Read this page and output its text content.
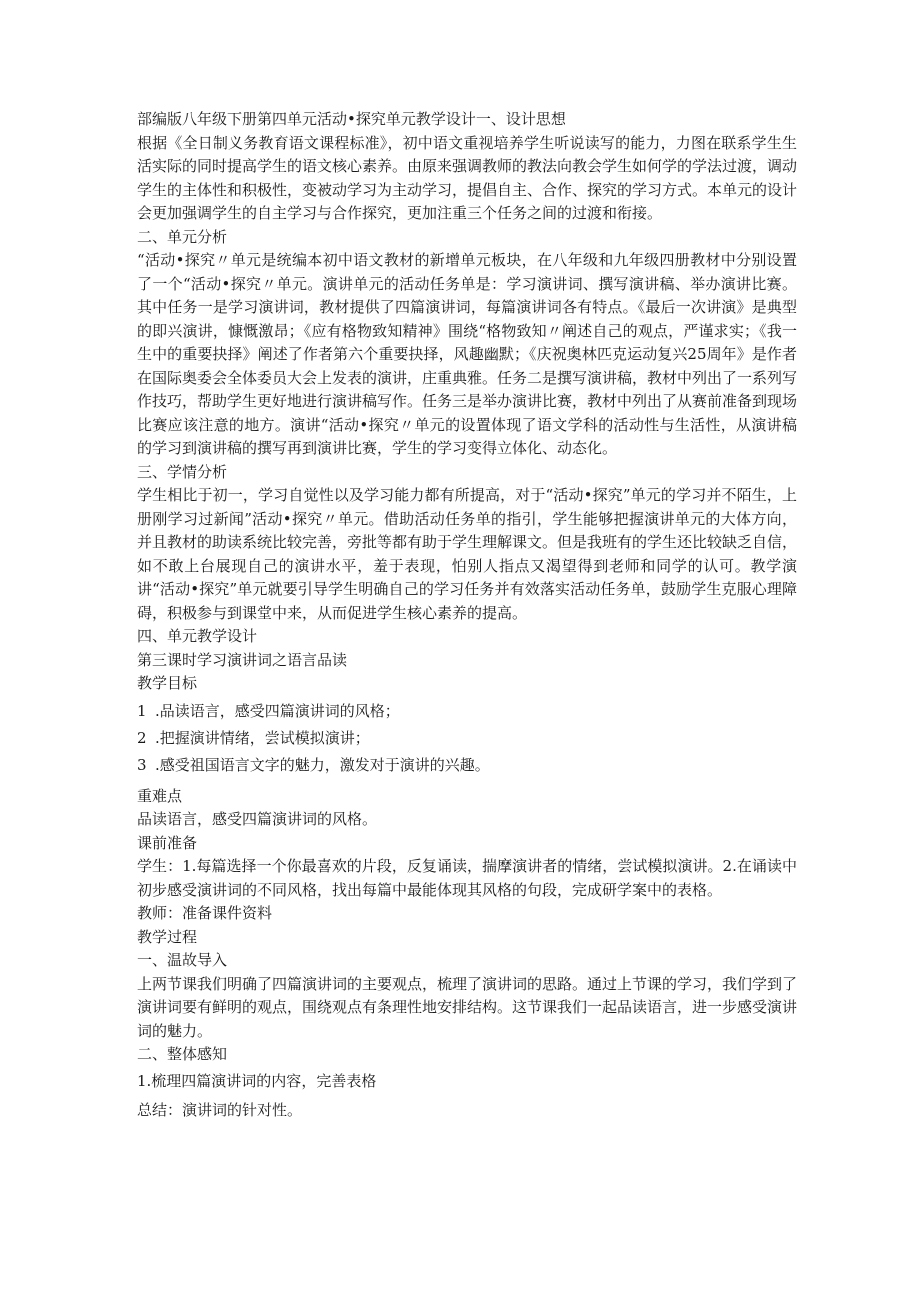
部编版八年级下册第四单元活动•探究单元教学设计一、设计思想

根据《全日制义务教育语文课程标准》，初中语文重视培养学生听说读写的能力，力图在联系学生生活实际的同时提高学生的语文核心素养。由原来强调教师的教法向教会学生如何学的学法过渡，调动学生的主体性和积极性，变被动学习为主动学习，提倡自主、合作、探究的学习方式。本单元的设计会更加强调学生的自主学习与合作探究，更加注重三个任务之间的过渡和衔接。

二、单元分析

“活动•探究〃单元是统编本初中语文教材的新增单元板块，在八年级和九年级四册教材中分别设置了一个“活动•探究〃单元。演讲单元的活动任务单是：学习演讲词、撰写演讲稿、举办演讲比赛。其中任务一是学习演讲词，教材提供了四篇演讲词，每篇演讲词各有特点。《最后一次讲演》是典型的即兴演讲，慷慨激昂；《应有格物致知精神》围绕“格物致知〃阐述自己的观点，严谨求实；《我一生中的重要抉择》阐述了作者第六个重要抉择，风趣幽默；《庆祝奥林匹克运动复兴25周年》是作者在国际奥委会全体委员大会上发表的演讲，庄重典雅。任务二是撰写演讲稿，教材中列出了一系列写作技巧，帮助学生更好地进行演讲稿写作。任务三是举办演讲比赛，教材中列出了从赛前准备到现场比赛应该注意的地方。演讲“活动•探究〃单元的设置体现了语文学科的活动性与生活性，从演讲稿的学习到演讲稿的撰写再到演讲比赛，学生的学习变得立体化、动态化。

三、学情分析

学生相比于初一，学习自觉性以及学习能力都有所提高，对于“活动•探究”单元的学习并不陌生，上册刚学习过新闻”活动•探究〃单元。借助活动任务单的指引，学生能够把握演讲单元的大体方向，并且教材的助读系统比较完善，旁批等都有助于学生理解课文。但是我班有的学生还比较缺乏自信，如不敢上台展现自己的演讲水平，羞于表现，怕别人指点又渴望得到老师和同学的认可。教学演讲“活动•探究”单元就要引导学生明确自己的学习任务并有效落实活动任务单，鼓励学生克服心理障碍，积极参与到课堂中来，从而促进学生核心素养的提高。

四、单元教学设计

第三课时学习演讲词之语言品读

教学目标

1 .品读语言，感受四篇演讲词的风格；

2 .把握演讲情绪，尝试模拟演讲；

3 .感受祖国语言文字的魅力，激发对于演讲的兴趣。

重难点

品读语言，感受四篇演讲词的风格。

课前准备

学生：1.每篇选择一个你最喜欢的片段，反复诵读，揣摩演讲者的情绪，尝试模拟演讲。2.在诵读中初步感受演讲词的不同风格，找出每篇中最能体现其风格的句段，完成研学案中的表格。

教师：准备课件资料

教学过程

一、温故导入

上两节课我们明确了四篇演讲词的主要观点，梳理了演讲词的思路。通过上节课的学习，我们学到了演讲词要有鲜明的观点，围绕观点有条理性地安排结构。这节课我们一起品读语言，进一步感受演讲词的魅力。

二、整体感知

1.梳理四篇演讲词的内容，完善表格

总结：演讲词的针对性。
